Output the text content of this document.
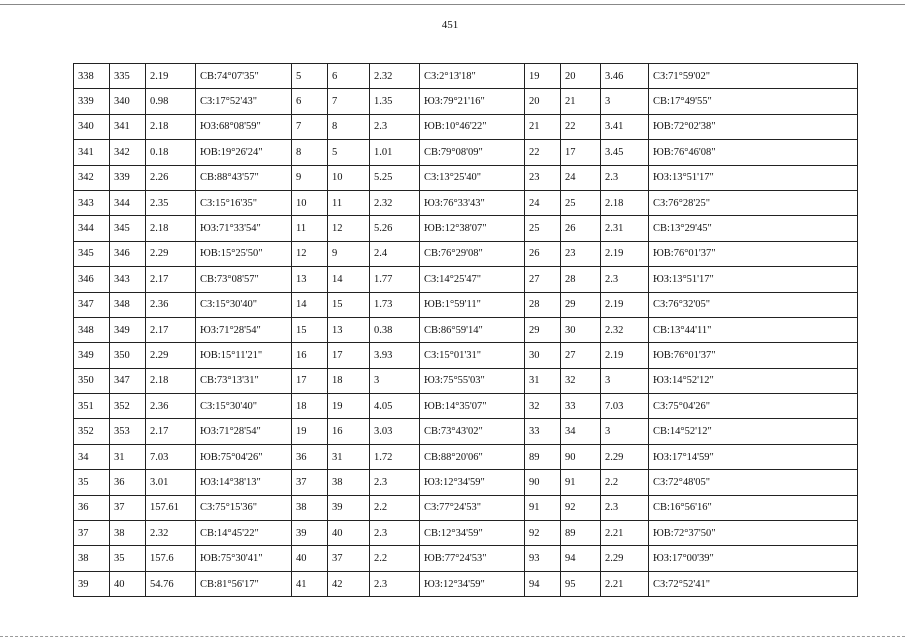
451
338	335	2.19	СВ:74°07'35"	5	6	2.32	СЗ:2°13'18"	19	20	3.46	СЗ:71°59'02"
339	340	0.98	СЗ:17°52'43"	6	7	1.35	ЮЗ:79°21'16"	20	21	3	СВ:17°49'55"
340	341	2.18	ЮЗ:68°08'59"	7	8	2.3	ЮВ:10°46'22"	21	22	3.41	ЮВ:72°02'38"
341	342	0.18	ЮВ:19°26'24"	8	5	1.01	СВ:79°08'09"	22	17	3.45	ЮВ:76°46'08"
342	339	2.26	СВ:88°43'57"	9	10	5.25	СЗ:13°25'40"	23	24	2.3	ЮЗ:13°51'17"
343	344	2.35	СЗ:15°16'35"	10	11	2.32	ЮЗ:76°33'43"	24	25	2.18	СЗ:76°28'25"
344	345	2.18	ЮЗ:71°33'54"	11	12	5.26	ЮВ:12°38'07"	25	26	2.31	СВ:13°29'45"
345	346	2.29	ЮВ:15°25'50"	12	9	2.4	СВ:76°29'08"	26	23	2.19	ЮВ:76°01'37"
346	343	2.17	СВ:73°08'57"	13	14	1.77	СЗ:14°25'47"	27	28	2.3	ЮЗ:13°51'17"
347	348	2.36	СЗ:15°30'40"	14	15	1.73	ЮВ:1°59'11"	28	29	2.19	СЗ:76°32'05"
348	349	2.17	ЮЗ:71°28'54"	15	13	0.38	СВ:86°59'14"	29	30	2.32	СВ:13°44'11"
349	350	2.29	ЮВ:15°11'21"	16	17	3.93	СЗ:15°01'31"	30	27	2.19	ЮВ:76°01'37"
350	347	2.18	СВ:73°13'31"	17	18	3	ЮЗ:75°55'03"	31	32	3	ЮЗ:14°52'12"
351	352	2.36	СЗ:15°30'40"	18	19	4.05	ЮВ:14°35'07"	32	33	7.03	СЗ:75°04'26"
352	353	2.17	ЮЗ:71°28'54"	19	16	3.03	СВ:73°43'02"	33	34	3	СВ:14°52'12"
34	31	7.03	ЮВ:75°04'26"	36	31	1.72	СВ:88°20'06"	89	90	2.29	ЮЗ:17°14'59"
35	36	3.01	ЮЗ:14°38'13"	37	38	2.3	ЮЗ:12°34'59"	90	91	2.2	СЗ:72°48'05"
36	37	157.61	СЗ:75°15'36"	38	39	2.2	СЗ:77°24'53"	91	92	2.3	СВ:16°56'16"
37	38	2.32	СВ:14°45'22"	39	40	2.3	СВ:12°34'59"	92	89	2.21	ЮВ:72°37'50"
38	35	157.6	ЮВ:75°30'41"	40	37	2.2	ЮВ:77°24'53"	93	94	2.29	ЮЗ:17°00'39"
39	40	54.76	СВ:81°56'17"	41	42	2.3	ЮЗ:12°34'59"	94	95	2.21	СЗ:72°52'41"
